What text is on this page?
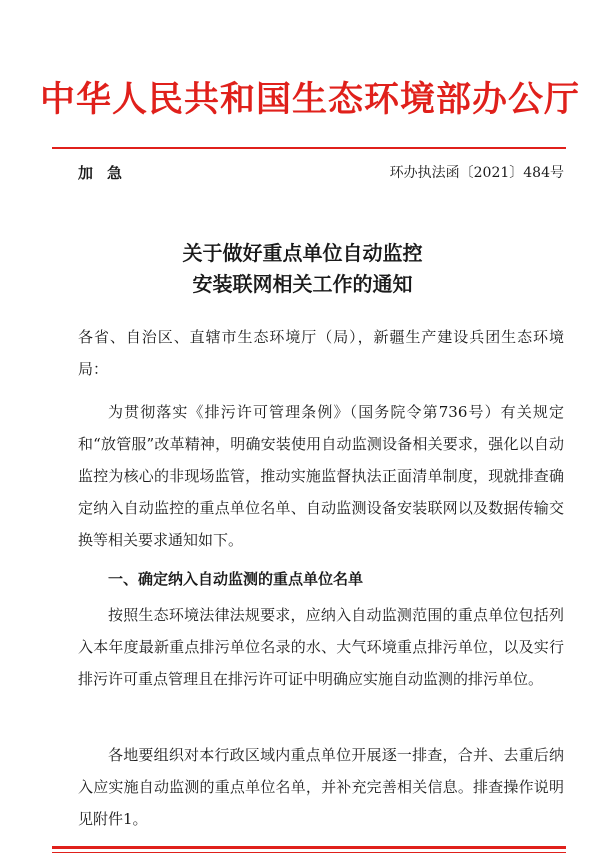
中华人民共和国生态环境部办公厅
加急	环办执法函〔2021〕484号
关于做好重点单位自动监控
安装联网相关工作的通知
各省、自治区、直辖市生态环境厅（局），新疆生产建设兵团生态环境局：
为贯彻落实《排污许可管理条例》（国务院令第736号）有关规定和“放管服”改革精神，明确安装使用自动监测设备相关要求，强化以自动监控为核心的非现场监管，推动实施监督执法正面清单制度，现就排查确定纳入自动监控的重点单位名单、自动监测设备安装联网以及数据传输交换等相关要求通知如下。
一、确定纳入自动监测的重点单位名单
按照生态环境法律法规要求，应纳入自动监测范围的重点单位包括列入本年度最新重点排污单位名录的水、大气环境重点排污单位，以及实行排污许可重点管理且在排污许可证中明确应实施自动监测的排污单位。
各地要组织对本行政区域内重点单位开展逐一排查，合并、去重后纳入应实施自动监测的重点单位名单，并补充完善相关信息。排查操作说明见附件1。
